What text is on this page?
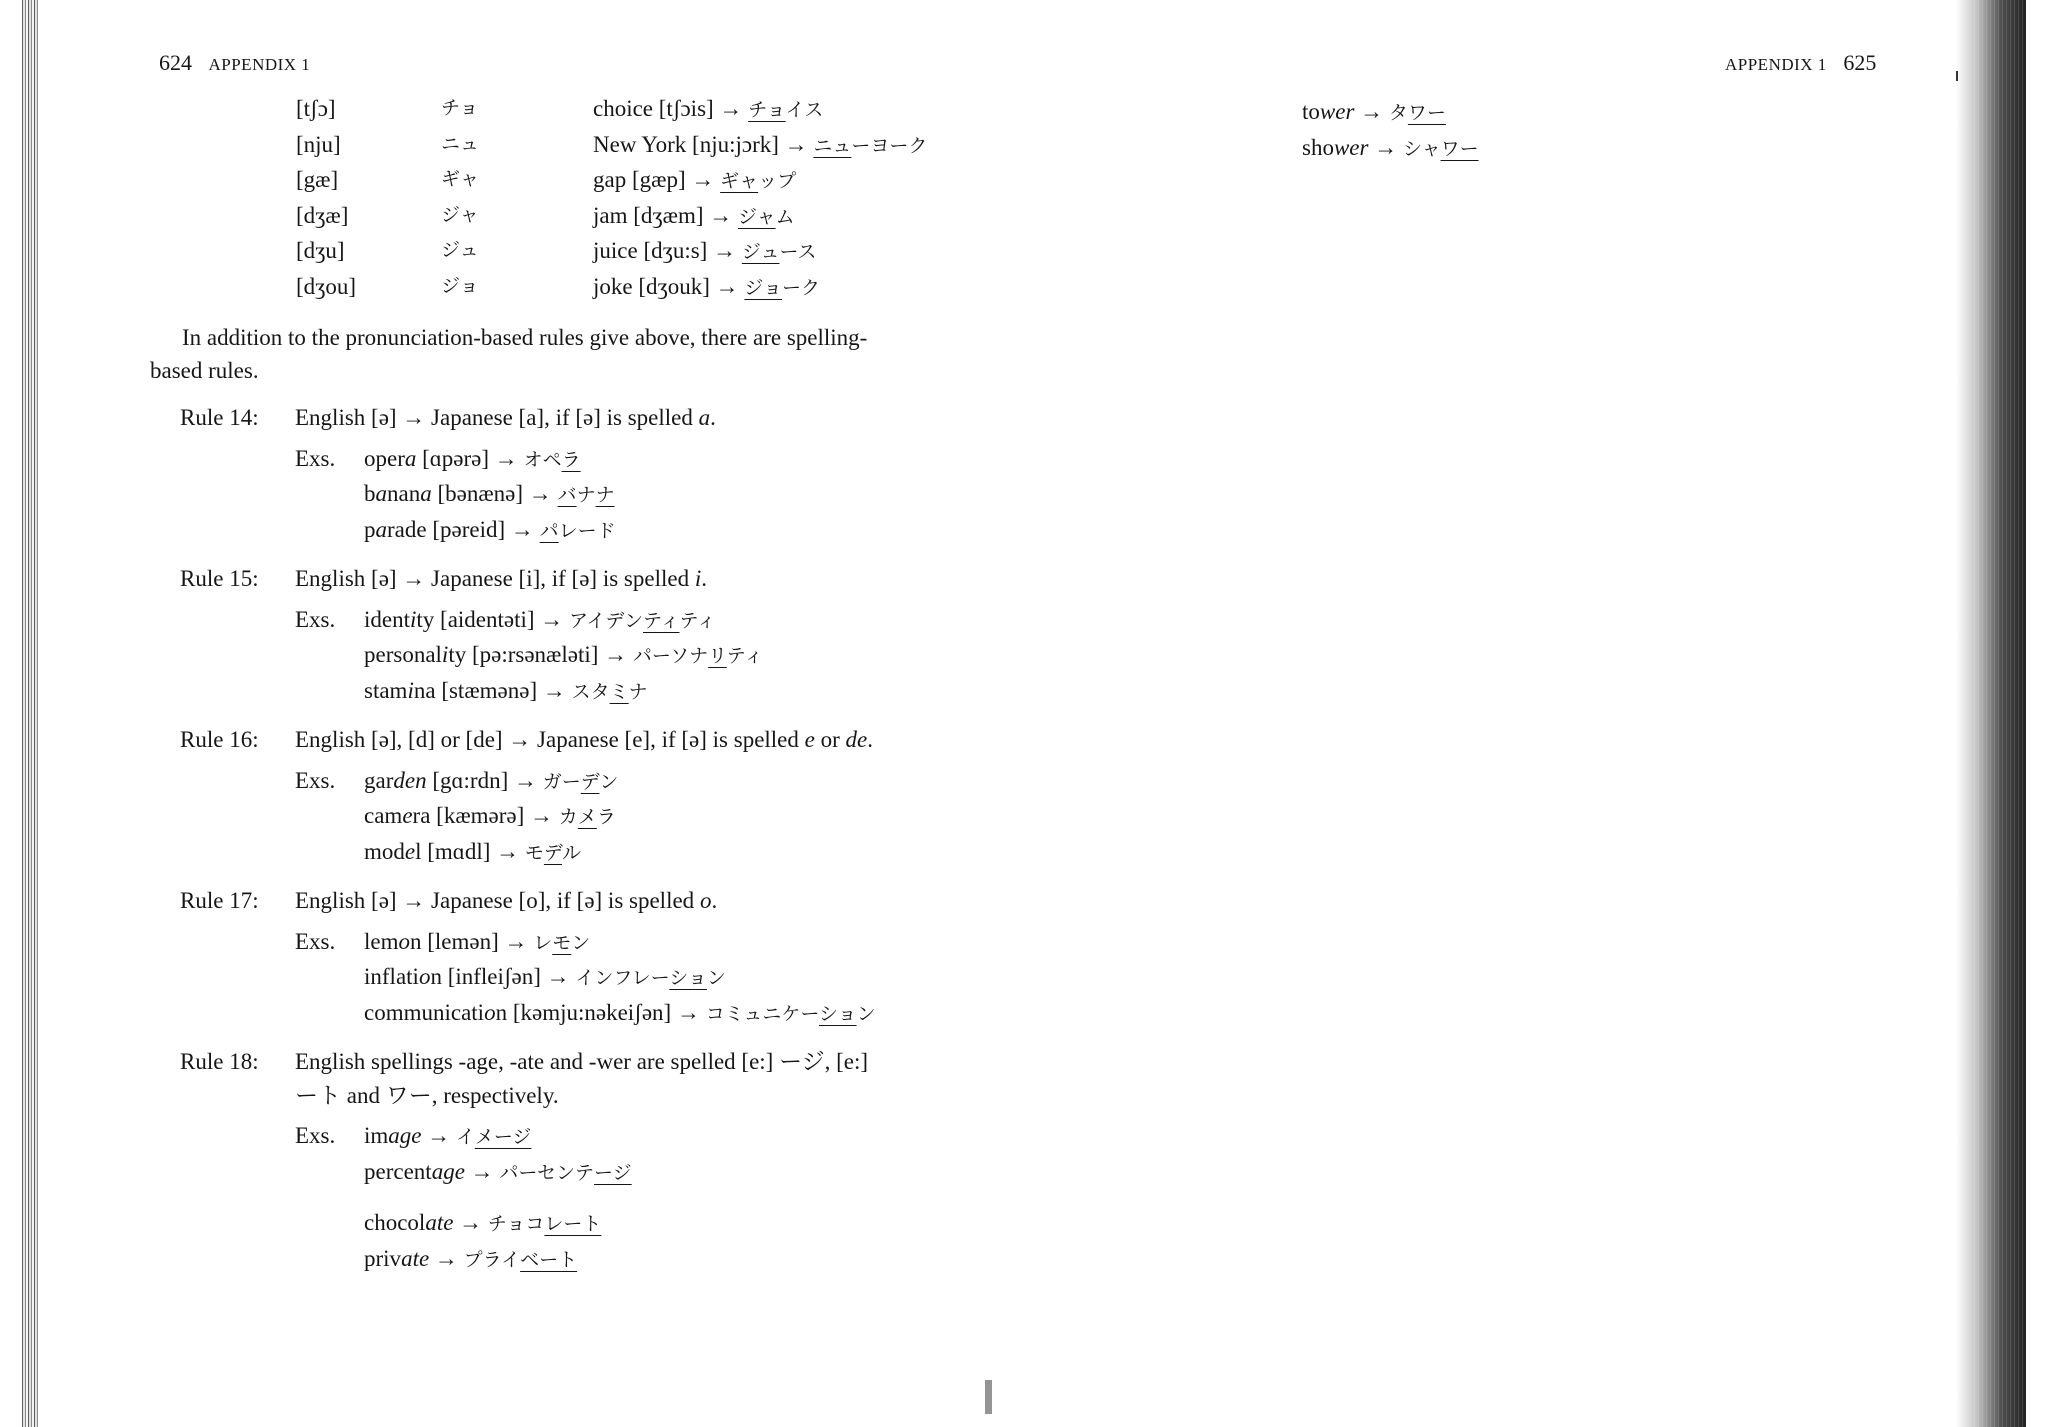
624 APPENDIX 1	APPENDIX 1 625
[tʃɔ]	チョ	choice [tʃɔis] → チョイス
[nju]	ニュ	New York [nju:jɔrk] → ニューヨーク
[gæ]	ギャ	gap [gæp] → ギャップ
[dʒæ]	ジャ	jam [dʒæm] → ジャム
[dʒu]	ジュ	juice [dʒu:s] → ジュース
[dʒou]	ジョ	joke [dʒouk] → ジョーク
In addition to the pronunciation-based rules give above, there are spelling-
based rules.
Rule 14:	English [ə] → Japanese [a], if [ə] is spelled a.
Exs.	opera [ɑpərə] → オペラ
banana [bənænə] → バナナ
parade [pəreid] → パレード
Rule 15:	English [ə] → Japanese [i], if [ə] is spelled i.
Exs.	identity [aidentəti] → アイデンティティ
personality [pə:rsənæləti] → パーソナリティ
stamina [stæmənə] → スタミナ
Rule 16:	English [ə], [d] or [de] → Japanese [e], if [ə] is spelled e or de.
Exs.	garden [gɑ:rdn] → ガーデン
camera [kæmərə] → カメラ
model [mɑdl] → モデル
Rule 17:	English [ə] → Japanese [o], if [ə] is spelled o.
Exs.	lemon [lemən] → レモン
inflation [infleiʃən] → インフレーション
communication [kəmju:nəkeiʃən] → コミュニケーション
Rule 18:	English spellings -age, -ate and -wer are spelled [e:] ージ, [e:]
ート and ワー, respectively.
Exs.	image → イメージ
percentage → パーセンテージ
chocolate → チョコレート
private → プライベート
tower → タワー
shower → シャワー
